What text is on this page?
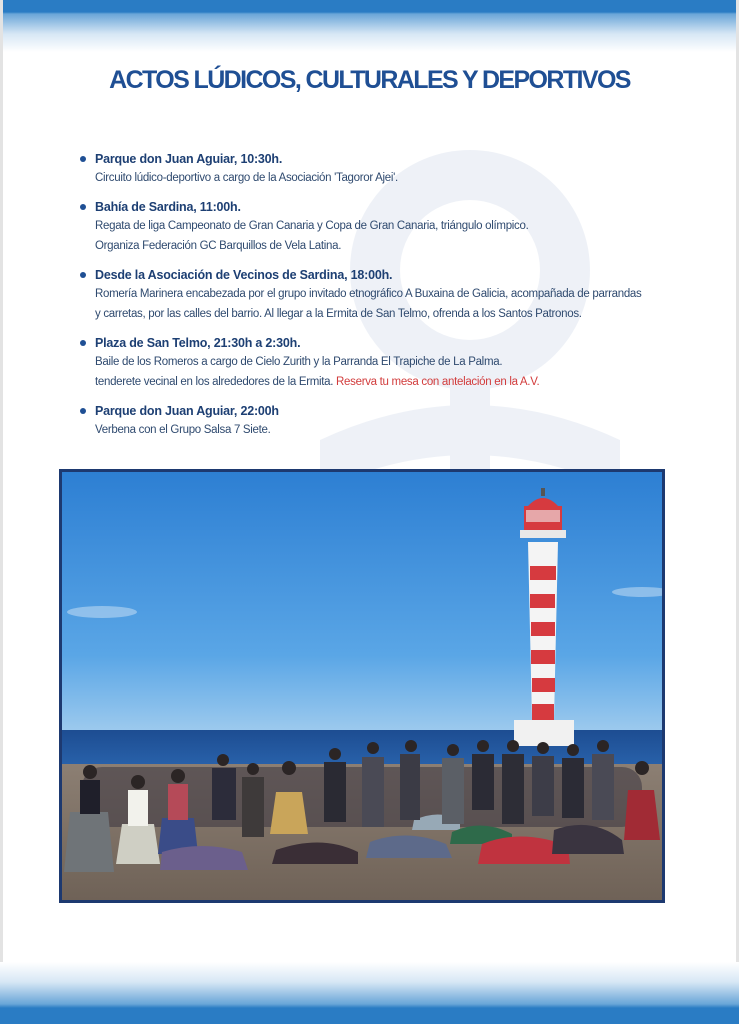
ACTOS LÚDICOS, CULTURALES Y DEPORTIVOS
Parque don Juan Aguiar, 10:30h.
Circuito lúdico-deportivo a cargo de la Asociación 'Tagoror Ajei'.
Bahía de Sardina, 11:00h.
Regata de liga Campeonato de Gran Canaria y Copa de Gran Canaria, triángulo olímpico.
Organiza Federación GC Barquillos de Vela Latina.
Desde la Asociación de Vecinos de Sardina, 18:00h.
Romería Marinera encabezada por el grupo invitado etnográfico A Buxaina de Galicia, acompañada de parrandas
y carretas, por las calles del barrio. Al llegar a la Ermita de San Telmo, ofrenda a los Santos Patronos.
Plaza de San Telmo, 21:30h a 2:30h.
Baile de los Romeros a cargo de Cielo Zurith y la Parranda El Trapiche de La Palma.
tenderete vecinal en los alrededores de la Ermita. Reserva tu mesa con antelación en la A.V.
Parque don Juan Aguiar, 22:00h
Verbena con el Grupo Salsa 7 Siete.
